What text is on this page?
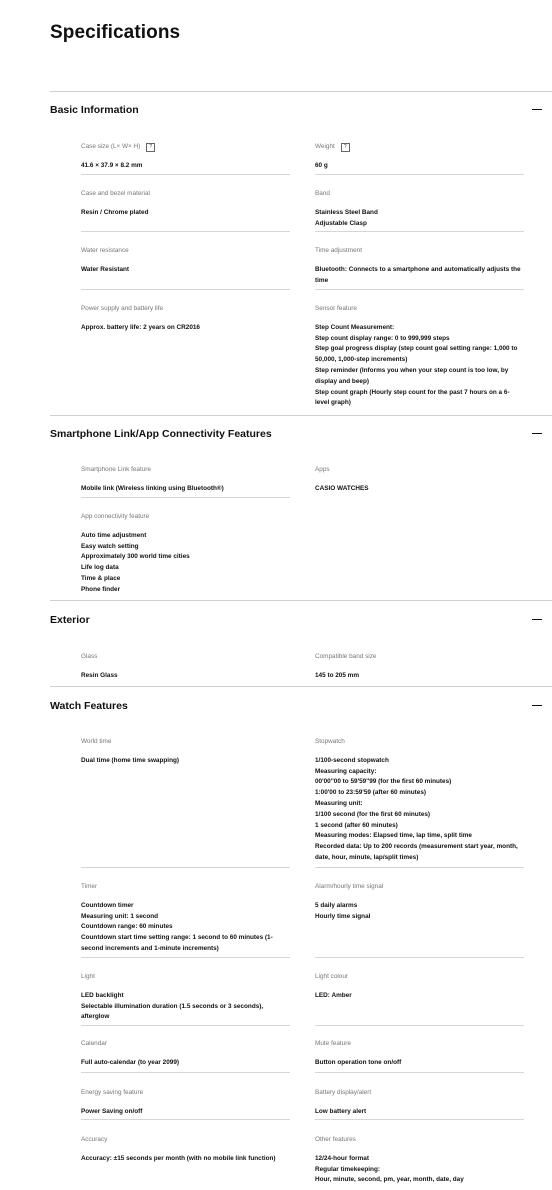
Specifications
Basic Information
Case size (L× W× H)	?
41.6 × 37.9 × 8.2 mm
Weight	?
60 g
Case and bezel material
Resin / Chrome plated
Band
Stainless Steel Band
Adjustable Clasp
Water resistance
Water Resistant
Time adjustment
Bluetooth: Connects to a smartphone and automatically adjusts the
time
Power supply and battery life
Approx. battery life: 2 years on CR2016
Sensor feature
Step Count Measurement:
Step count display range: 0 to 999,999 steps
Step goal progress display (step count goal setting range: 1,000 to
50,000, 1,000-step increments)
Step reminder (Informs you when your step count is too low, by
display and beep)
Step count graph (Hourly step count for the past 7 hours on a 6-
level graph)
Smartphone Link/App Connectivity Features
Smartphone Link feature
Mobile link (Wireless linking using Bluetooth®)
Apps
CASIO WATCHES
App connectivity feature
Auto time adjustment
Easy watch setting
Approximately 300 world time cities
Life log data
Time & place
Phone finder
Exterior
Glass
Resin Glass
Compatible band size
145 to 205 mm
Watch Features
World time
Dual time (home time swapping)
Stopwatch
1/100-second stopwatch
Measuring capacity:
00'00''00 to 59'59''99 (for the first 60 minutes)
1:00'00 to 23:59'59 (after 60 minutes)
Measuring unit:
1/100 second (for the first 60 minutes)
1 second (after 60 minutes)
Measuring modes: Elapsed time, lap time, split time
Recorded data: Up to 200 records (measurement start year, month,
date, hour, minute, lap/split times)
Timer
Countdown timer
Measuring unit: 1 second
Countdown range: 60 minutes
Countdown start time setting range: 1 second to 60 minutes (1-
second increments and 1-minute increments)
Alarm/hourly time signal
5 daily alarms
Hourly time signal
Light
LED backlight
Selectable illumination duration (1.5 seconds or 3 seconds),
afterglow
Light colour
LED: Amber
Calendar
Full auto-calendar (to year 2099)
Mute feature
Button operation tone on/off
Energy saving feature
Power Saving on/off
Battery display/alert
Low battery alert
Accuracy
Accuracy: ±15 seconds per month (with no mobile link function)
Other features
12/24-hour format
Regular timekeeping:
Hour, minute, second, pm, year, month, date, day
